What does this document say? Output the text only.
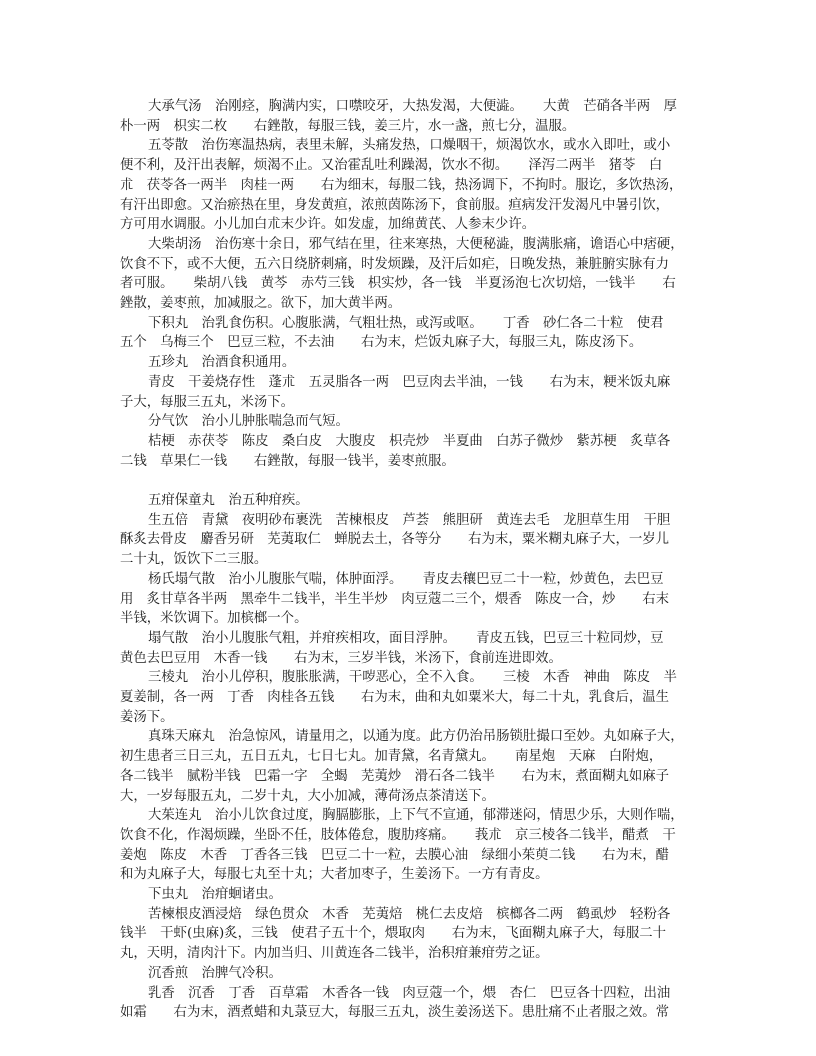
大承气汤　治刚痉，胸满内实，口噤咬牙，大热发渴，大便澁。　　大黄　芒硝各半两　厚
朴一两　枳实二枚　　右銼散，每服三钱，姜三片，水一盏，煎七分，温服。
五苓散　治伤寒温热病，表里未解，头痛发热，口燥咽干，烦渴饮水，或水入即吐，或小
便不利，及汗出表解，烦渴不止。又治霍乱吐利躁渴，饮水不彻。　　泽泻二两半　猪苓　白
朮　茯苓各一两半　肉桂一两　　右为细末，每服二钱，热汤调下，不拘时。服讫，多饮热汤，
有汗出即愈。又治瘀热在里，身发黄疸，浓煎茵陈汤下，食前服。疸病发汗发渴凡中暑引饮，
方可用水调服。小儿加白朮末少许。如发虚，加绵黄芪、人参末少许。
大柴胡汤　治伤寒十余日，邪气结在里，往来寒热，大便秘澁，腹满胀痛，谵语心中痞硬，
饮食不下，或不大便，五六日绕脐刺痛，时发烦躁，及汗后如疟，日晚发热，兼脏腑实脉有力
者可服。　　柴胡八钱　黄芩　赤芍三钱　枳实炒，各一钱　半夏汤泡七次切焙，一钱半　　右
銼散，姜枣煎，加减服之。欲下，加大黄半两。
下积丸　治乳食伤积。心腹胀满，气粗壮热，或泻或呕。　　丁香　砂仁各二十粒　使君
五个　乌梅三个　巴豆三粒，不去油　　右为末，烂饭丸麻子大，每服三丸，陈皮汤下。
五珍丸　治酒食积通用。
青皮　干姜烧存性　蓬朮　五灵脂各一两　巴豆肉去半油，一钱　　右为末，粳米饭丸麻
子大，每服三五丸，米汤下。
分气饮　治小儿肿胀喘急而气短。
桔梗　赤茯苓　陈皮　桑白皮　大腹皮　枳壳炒　半夏曲　白苏子微炒　紫苏梗　炙草各
二钱　草果仁一钱　　右銼散，每服一钱半，姜枣煎服。
五疳保童丸　治五种疳疾。
生五倍　青黛　夜明砂布裹洗　苦楝根皮　芦荟　熊胆研　黄连去毛　龙胆草生用　干胆
酥炙去骨皮　麝香另研　芜荑取仁　蝉脱去土，各等分　　右为末，粟米糊丸麻子大，一岁儿
二十丸，饭饮下二三服。
杨氏塌气散　治小儿腹胀气喘，体肿面浮。　　青皮去穰巴豆二十一粒，炒黄色，去巴豆
用　炙甘草各半两　黑牵牛二钱半，半生半炒　肉豆蔻二三个，煨香　陈皮一合，炒　　右末
半钱，米饮调下。加槟榔一个。
塌气散　治小儿腹胀气粗，并疳疾相攻，面目浮肿。　　青皮五钱，巴豆三十粒同炒，豆
黄色去巴豆用　木香一钱　　右为末，三岁半钱，米汤下，食前连进即效。
三棱丸　治小儿停积，腹胀胀满，干哕恶心，全不入食。　　三棱　木香　神曲　陈皮　半
夏姜制，各一两　丁香　肉桂各五钱　　右为末，曲和丸如粟米大，每二十丸，乳食后，温生
姜汤下。
真珠天麻丸　治急惊风，请量用之，以通为度。此方仍治吊肠锁肚撮口至妙。丸如麻子大，
初生患者三日三丸，五日五丸，七日七丸。加青黛，名青黛丸。　　南星炮　天麻　白附炮，
各二钱半　腻粉半钱　巴霜一字　全蝎　芜荑炒　滑石各二钱半　　右为末，煮面糊丸如麻子
大，一岁每服五丸，二岁十丸，大小加减，薄荷汤点茶清送下。
大茱连丸　治小儿饮食过度，胸膈膨胀，上下气不宣通，郁滞迷闷，情思少乐，大则作喘，
饮食不化，作渴烦躁，坐卧不任，肢体倦怠，腹肋疼痛。　　莪朮　京三棱各二钱半，醋煮　干
姜炮　陈皮　木香　丁香各三钱　巴豆二十一粒，去膜心油　绿细小茱萸二钱　　右为末，醋
和为丸麻子大，每服七丸至十丸；大者加枣子，生姜汤下。一方有青皮。
下虫丸　治疳蛔诸虫。
苦楝根皮酒浸焙　绿色贯众　木香　芜荑焙　桃仁去皮焙　槟榔各二两　鹤虱炒　轻粉各
钱半　干虾(虫麻)炙，三钱　使君子五十个，煨取肉　　右为末，飞面糊丸麻子大，每服二十
丸，天明，清肉汁下。内加当归、川黄连各二钱半，治积疳兼疳劳之证。
沉香煎　治脾气冷积。
乳香　沉香　丁香　百草霜　木香各一钱　肉豆蔻一个，煨　杏仁　巴豆各十四粒，出油
如霜　　右为末，酒煮蜡和丸菉豆大，每服三五丸，淡生姜汤送下。患肚痛不止者服之效。常
